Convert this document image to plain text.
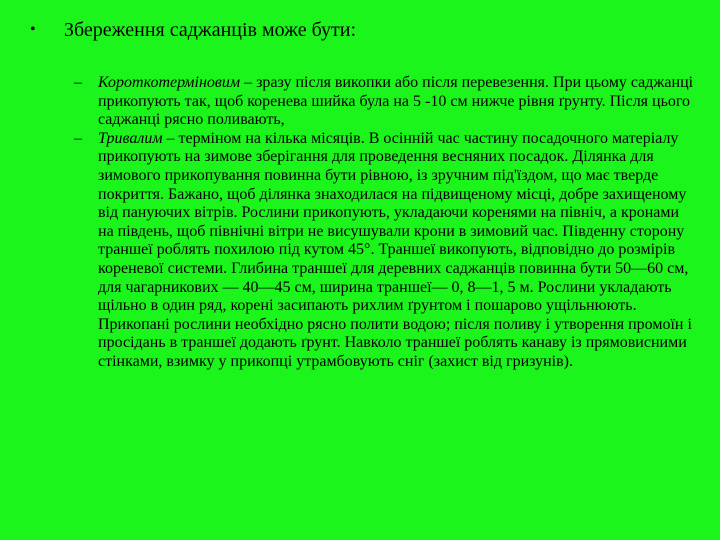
•	Збереження саджанців може бути:
–	Короткотерміновим – зразу після викопки або після перевезення. При цьому саджанці прикопують так, щоб коренева шийка була на 5 -10 см нижче рівня ґрунту. Після цього саджанці рясно поливають,
–	Тривалим – терміном на кілька місяців. В осінній час частину посадочного матеріалу прикопують на зимове зберігання для проведення весняних посадок. Ділянка для зимового прикопування повинна бути рівною, із зручним під'їздом, що має тверде покриття. Бажано, щоб ділянка знаходилася на підвищеному місці, добре захищеному від пануючих вітрів. Рослини прикопують, укладаючи коренями на північ, а кронами на південь, щоб північні вітри не висушували крони в зимовий час. Південну сторону траншеї роблять похилою під кутом 45°. Траншеї викопують, відповідно до розмірів кореневої системи. Глибина траншеї для деревних саджанців повинна бути 50—60 см, для чагарникових — 40—45 см, ширина траншеї— 0, 8—1, 5 м. Рослини укладають щільно в один ряд, корені засипають рихлим ґрунтом і пошарово ущільнюють. Прикопані рослини необхідно рясно полити водою; після поливу і утворення промоїн і просідань в траншеї додають ґрунт. Навколо траншеї роблять канаву із прямовисними стінками, взимку у прикопці утрамбовують сніг (захист від гризунів).
